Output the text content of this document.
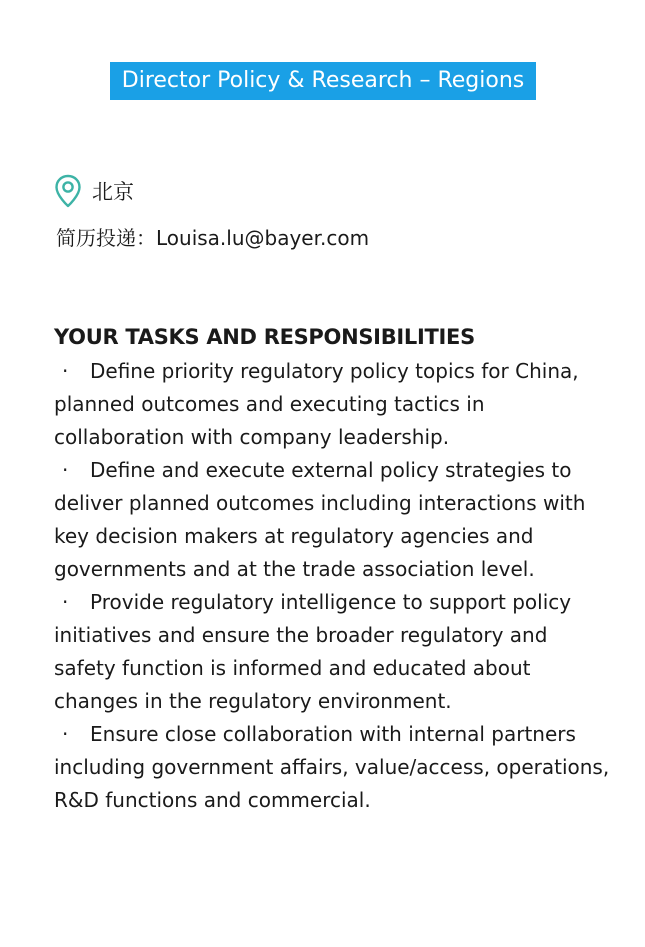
Director Policy & Research – Regions
北京
简历投递：Louisa.lu@bayer.com
YOUR TASKS AND RESPONSIBILITIES
· Define priority regulatory policy topics for China, planned outcomes and executing tactics in collaboration with company leadership.
· Define and execute external policy strategies to deliver planned outcomes including interactions with key decision makers at regulatory agencies and governments and at the trade association level.
· Provide regulatory intelligence to support policy initiatives and ensure the broader regulatory and safety function is informed and educated about changes in the regulatory environment.
· Ensure close collaboration with internal partners including government affairs, value/access, operations, R&D functions and commercial.
